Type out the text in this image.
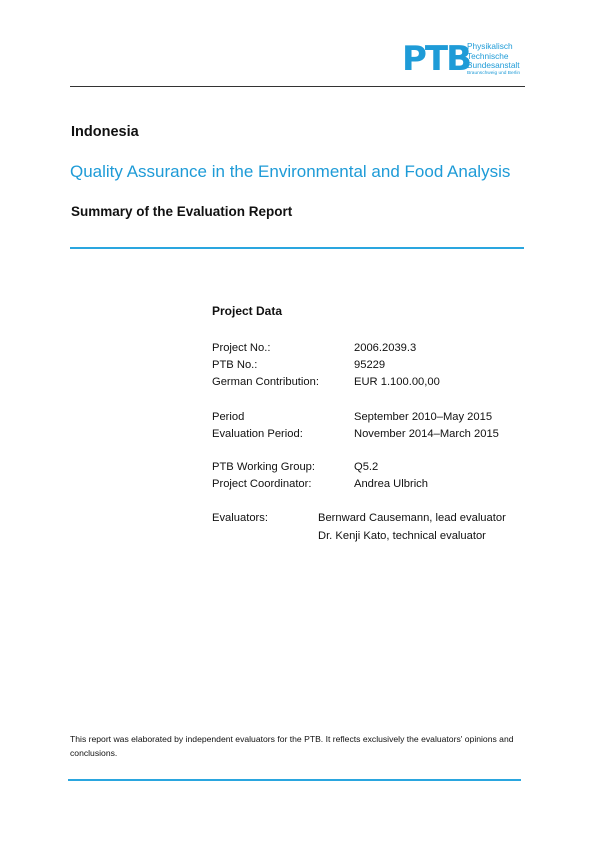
PTB
Physikalisch
Technische
Bundesanstalt
Braunschweig und Berlin
Indonesia
Quality Assurance in the Environmental and Food Analysis
Summary of the Evaluation Report
Project Data
Project No.:	2006.2039.3
PTB No.:	95229
German Contribution:	EUR 1.100.00,00
Period	September 2010–May 2015
Evaluation Period:	November 2014–March 2015
PTB Working Group:	Q5.2
Project Coordinator:	Andrea Ulbrich
Evaluators:	Bernward Causemann, lead evaluator
Dr. Kenji Kato, technical evaluator
This report was elaborated by independent evaluators for the PTB. It reflects exclusively the evaluators' opinions and conclusions.
